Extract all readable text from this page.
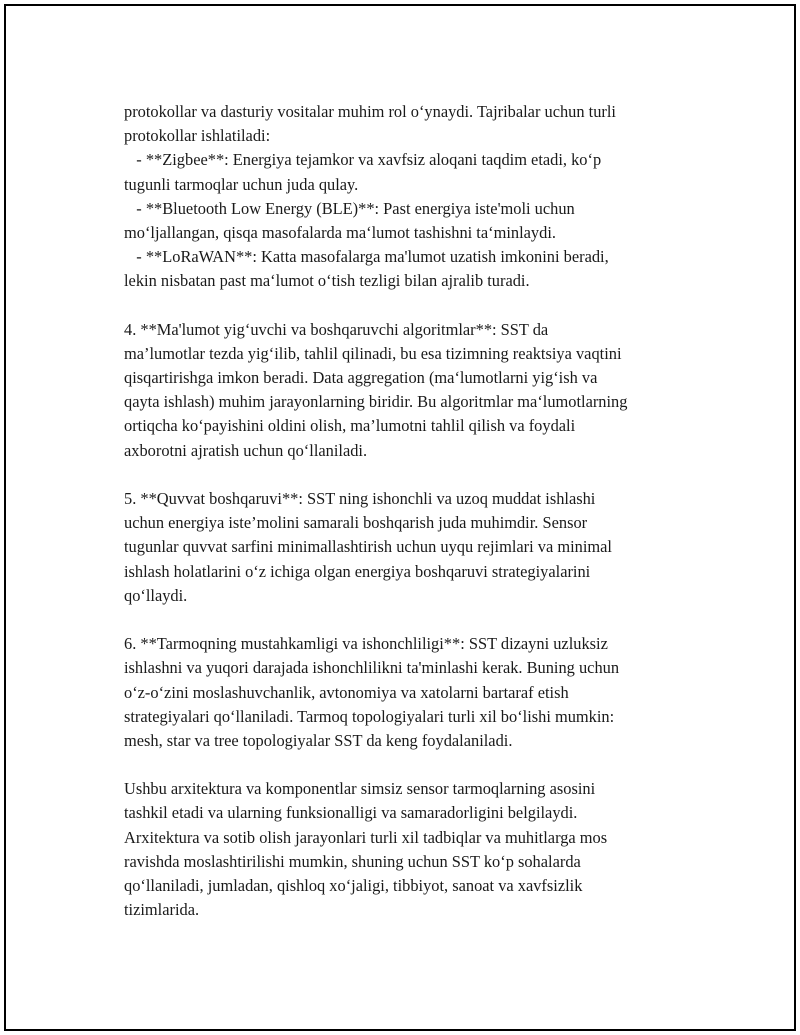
protokollar va dasturiy vositalar muhim rol o‘ynaydi. Tajribalar uchun turli
protokollar ishlatiladi:
- **Zigbee**: Energiya tejamkor va xavfsiz aloqani taqdim etadi, ko‘p
tugunli tarmoqlar uchun juda qulay.
- **Bluetooth Low Energy (BLE)**: Past energiya iste'moli uchun
mo‘ljallangan, qisqa masofalarda ma‘lumot tashishni ta‘minlaydi.
- **LoRaWAN**: Katta masofalarga ma'lumot uzatish imkonini beradi,
lekin nisbatan past ma‘lumot o‘tish tezligi bilan ajralib turadi.
4. **Ma'lumot yig‘uvchi va boshqaruvchi algoritmlar**: SST da
ma’lumotlar tezda yig‘ilib, tahlil qilinadi, bu esa tizimning reaktsiya vaqtini
qisqartirishga imkon beradi. Data aggregation (ma‘lumotlarni yig‘ish va
qayta ishlash) muhim jarayonlarning biridir. Bu algoritmlar ma‘lumotlarning
ortiqcha ko‘payishini oldini olish, ma’lumotni tahlil qilish va foydali
axborotni ajratish uchun qo‘llaniladi.
5. **Quvvat boshqaruvi**: SST ning ishonchli va uzoq muddat ishlashi
uchun energiya iste’molini samarali boshqarish juda muhimdir. Sensor
tugunlar quvvat sarfini minimallashtirish uchun uyqu rejimlari va minimal
ishlash holatlarini o‘z ichiga olgan energiya boshqaruvi strategiyalarini
qo‘llaydi.
6. **Tarmoqning mustahkamligi va ishonchliligi**: SST dizayni uzluksiz
ishlashni va yuqori darajada ishonchlilikni ta'minlashi kerak. Buning uchun
o‘z-o‘zini moslashuvchanlik, avtonomiya va xatolarni bartaraf etish
strategiyalari qo‘llaniladi. Tarmoq topologiyalari turli xil bo‘lishi mumkin:
mesh, star va tree topologiyalar SST da keng foydalaniladi.
Ushbu arxitektura va komponentlar simsiz sensor tarmoqlarning asosini
tashkil etadi va ularning funksionalligi va samaradorligini belgilaydi.
Arxitektura va sotib olish jarayonlari turli xil tadbiqlar va muhitlarga mos
ravishda moslashtirilishi mumkin, shuning uchun SST ko‘p sohalarda
qo‘llaniladi, jumladan, qishloq xo‘jaligi, tibbiyot, sanoat va xavfsizlik
tizimlarida.
